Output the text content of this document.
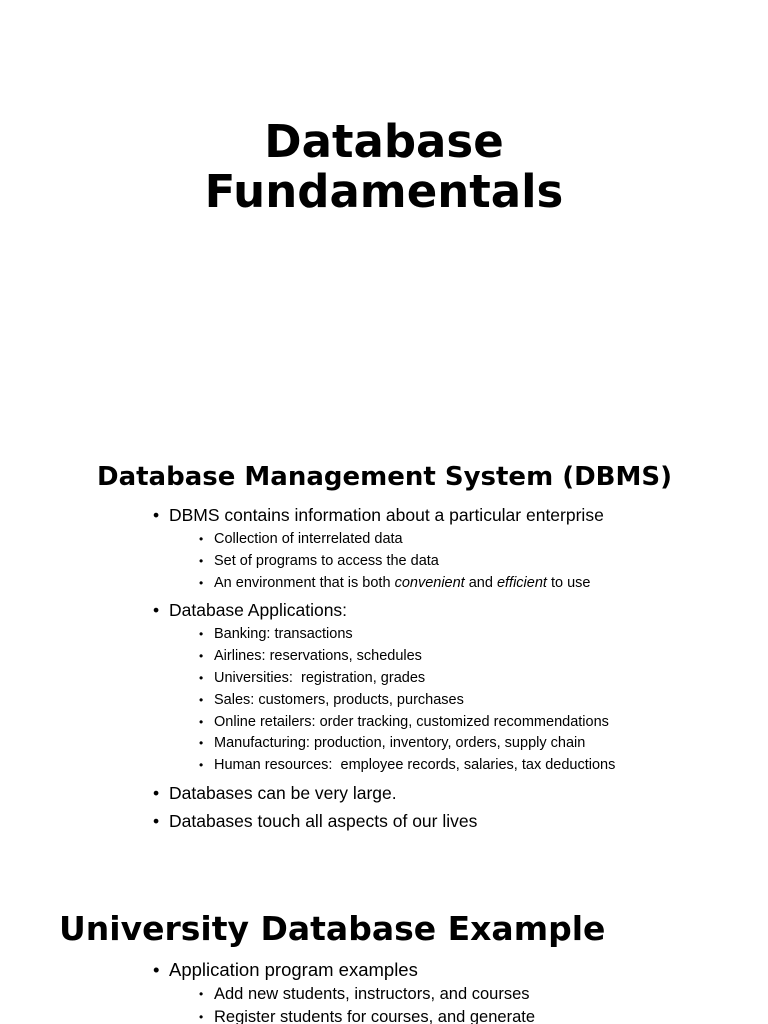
Database
Fundamentals
Database Management System (DBMS)
• DBMS contains information about a particular enterprise
• Collection of interrelated data
• Set of programs to access the data
• An environment that is both convenient and efficient to use
• Database Applications:
• Banking: transactions
• Airlines: reservations, schedules
• Universities:  registration, grades
• Sales: customers, products, purchases
• Online retailers: order tracking, customized recommendations
• Manufacturing: production, inventory, orders, supply chain
• Human resources:  employee records, salaries, tax deductions
• Databases can be very large.
• Databases touch all aspects of our lives
University Database Example
• Application program examples
• Add new students, instructors, and courses
• Register students for courses, and generate
